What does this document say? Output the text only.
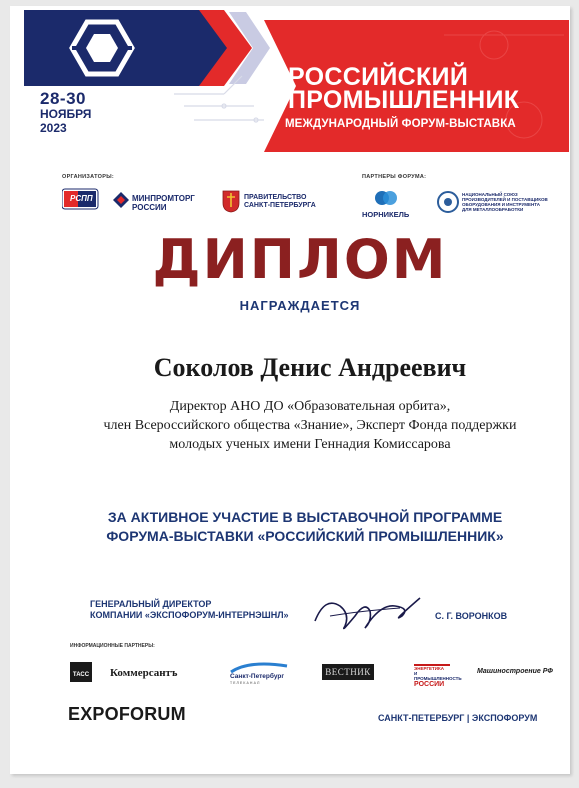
28-30
НОЯБРЯ
2023
РОССИЙСКИЙ
ПРОМЫШЛЕННИК
МЕЖДУНАРОДНЫЙ ФОРУМ-ВЫСТАВКА
ОРГАНИЗАТОРЫ:
РСПП	МИНПРОМТОРГ
РОССИИ
ПРАВИТЕЛЬСТВО
САНКТ-ПЕТЕРБУРГА
ПАРТНЕРЫ ФОРУМА:
НОРНИКЕЛЬ
НАЦИОНАЛЬНЫЙ СОЮЗ
ПРОИЗВОДИТЕЛЕЙ И ПОСТАВЩИКОВ
ОБОРУДОВАНИЯ И ИНСТРУМЕНТА
ДЛЯ МЕТАЛЛООБРАБОТКИ
ДИПЛОМ
НАГРАЖДАЕТСЯ
Соколов Денис Андреевич
Директор АНО ДО «Образовательная орбита»,
член Всероссийского общества «Знание», Эксперт Фонда поддержки
молодых ученых имени Геннадия Комиссарова
ЗА АКТИВНОЕ УЧАСТИЕ В ВЫСТАВОЧНОЙ ПРОГРАММЕ
ФОРУМА-ВЫСТАВКИ «РОССИЙСКИЙ ПРОМЫШЛЕННИК»
ГЕНЕРАЛЬНЫЙ ДИРЕКТОР
КОМПАНИИ «ЭКСПОФОРУМ-ИНТЕРНЭШНЛ»	С. Г. ВОРОНКОВ
ИНФОРМАЦИОННЫЕ ПАРТНЕРЫ:
ТАСС Коммерсантъ	Санкт-Петербург
ТЕЛЕКАНАЛ
ВЕСТНИК	ЭНЕРГЕТИКА
И ПРОМЫШЛЕННОСТЬ
РОССИИ
Машиностроение РФ
EXPOFORUM	САНКТ-ПЕТЕРБУРГ | ЭКСПОФОРУМ
